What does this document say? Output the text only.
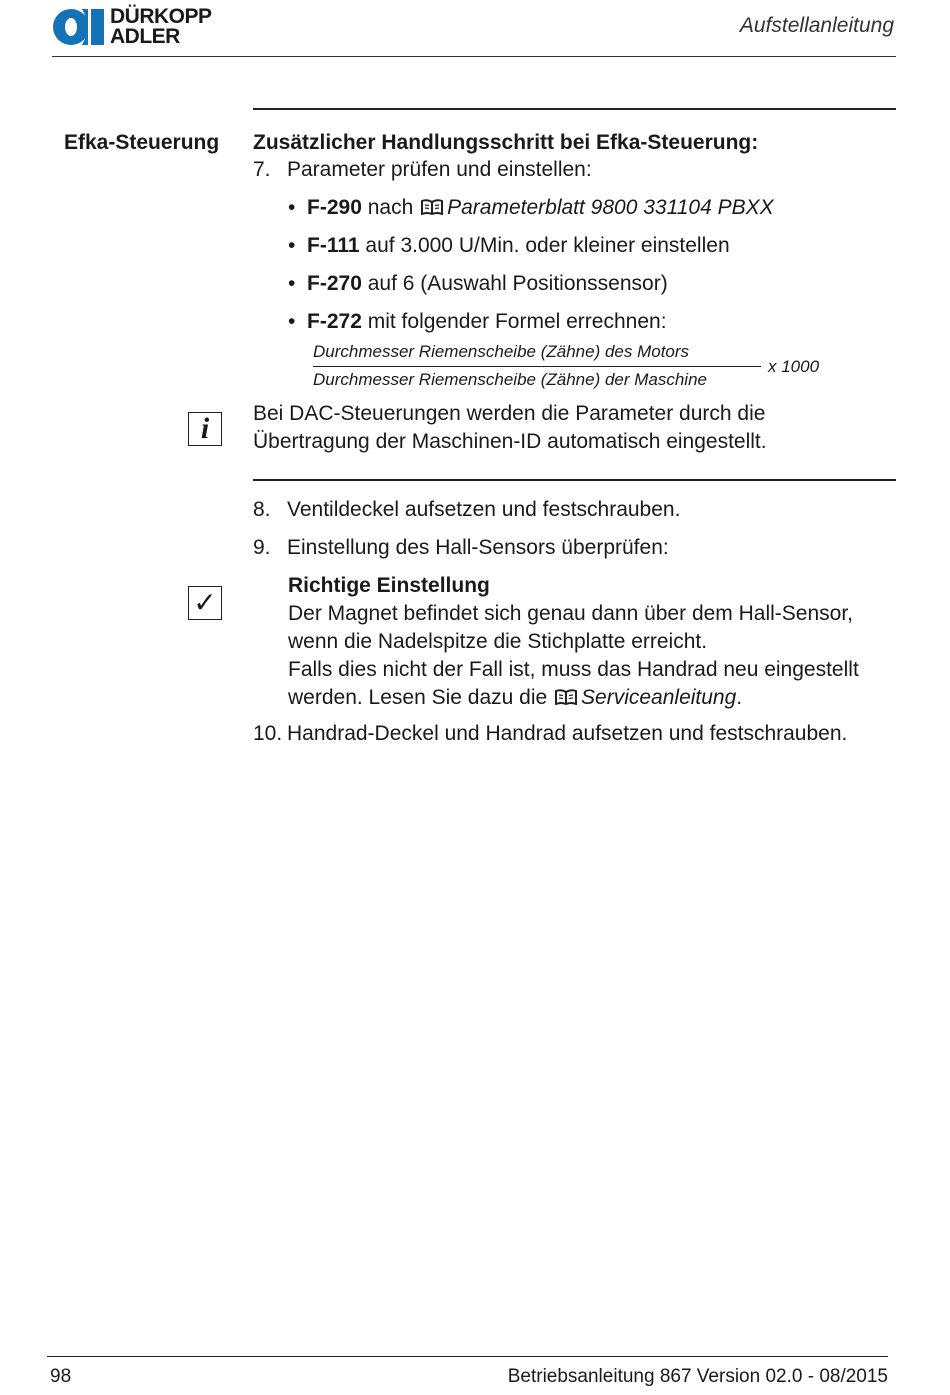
DÜRKOPP
ADLER	Aufstellanleitung
Efka-Steuerung Zusätzlicher Handlungsschritt bei Efka-Steuerung:
7. Parameter prüfen und einstellen:
• F-290 nach Parameterblatt 9800 331104 PBXX
• F-111 auf 3.000 U/Min. oder kleiner einstellen
• F-270 auf 6 (Auswahl Positionssensor)
• F-272 mit folgender Formel errechnen:
Durchmesser Riemenscheibe (Zähne) des Motors
Durchmesser Riemenscheibe (Zähne) der Maschine
x 1000
i	Bei DAC-Steuerungen werden die Parameter durch die
Übertragung der Maschinen-ID automatisch eingestellt.
8. Ventildeckel aufsetzen und festschrauben.
9. Einstellung des Hall-Sensors überprüfen:
✓
Richtige Einstellung
Der Magnet befindet sich genau dann über dem Hall-Sensor,
wenn die Nadelspitze die Stichplatte erreicht.
Falls dies nicht der Fall ist, muss das Handrad neu eingestellt
werden. Lesen Sie dazu die Serviceanleitung.
10. Handrad-Deckel und Handrad aufsetzen und festschrauben.
98	Betriebsanleitung 867 Version 02.0 - 08/2015
